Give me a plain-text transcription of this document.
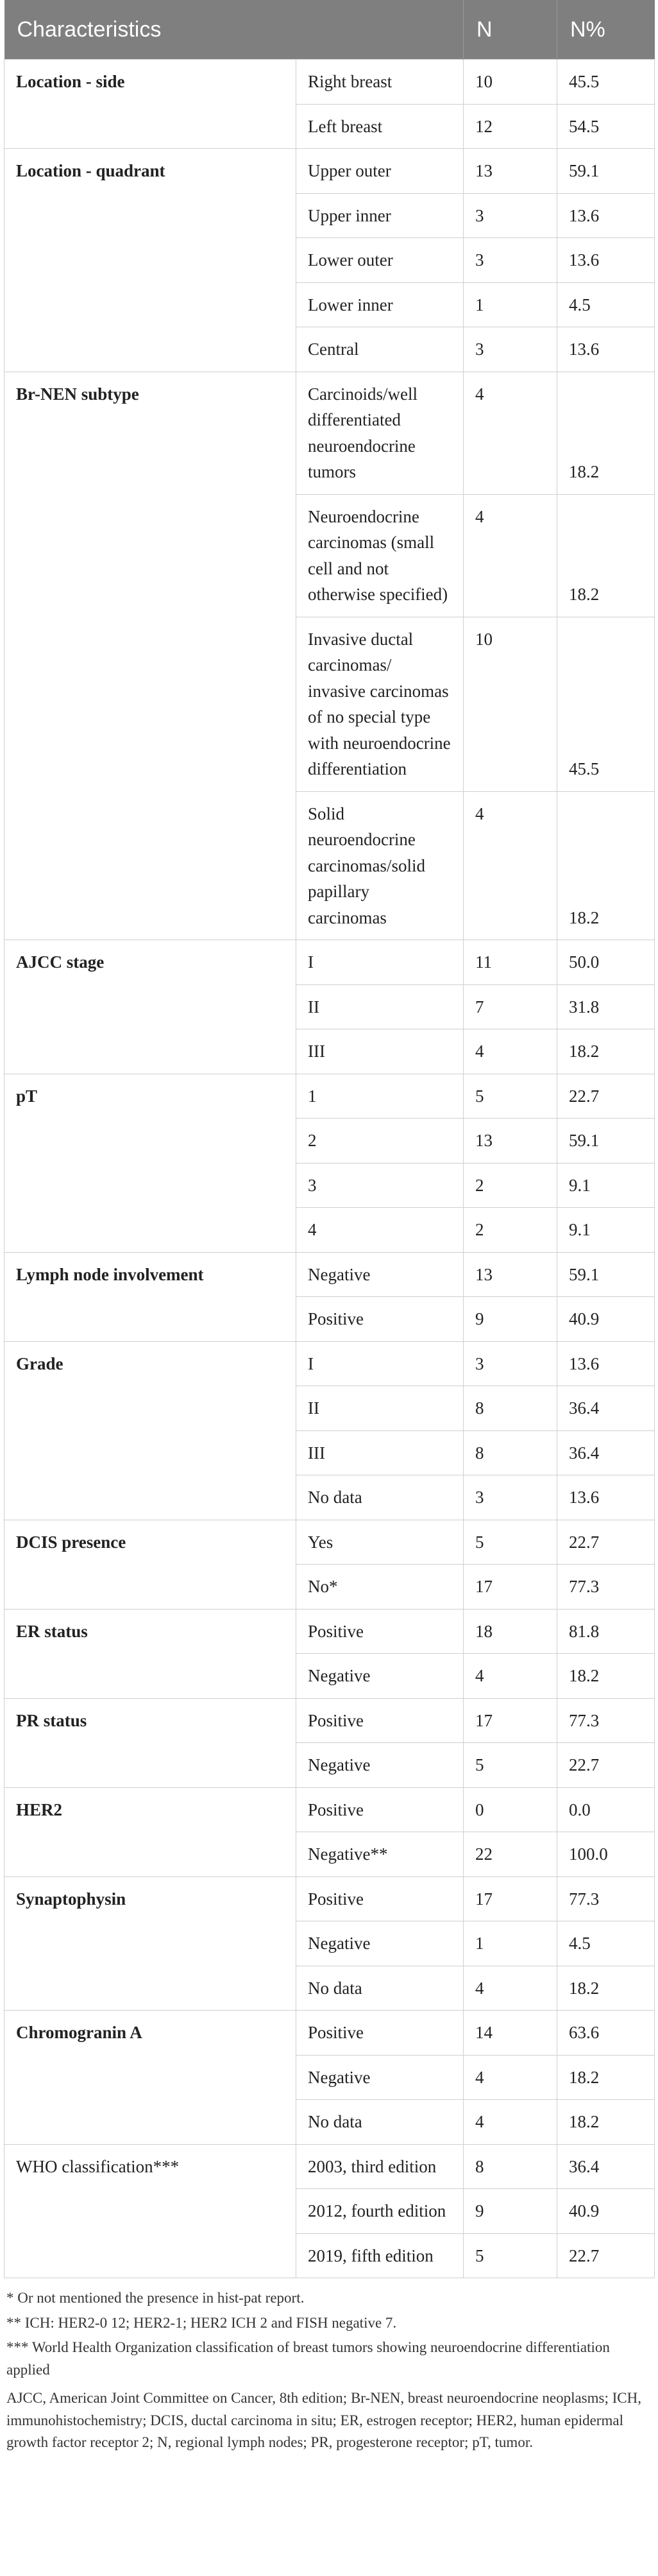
Characteristics		N	N%
Location - side	Right breast	10	45.5
	Left breast	12	54.5
Location - quadrant	Upper outer	13	59.1
	Upper inner	3	13.6
	Lower outer	3	13.6
	Lower inner	1	4.5
	Central	3	13.6
Br-NEN subtype	Carcinoids/well differentiated neuroendocrine tumors	4	18.2
	Neuroendocrine carcinomas (small cell and not otherwise specified)	4	18.2
	Invasive ductal carcinomas/ invasive carcinomas of no special type with neuroendocrine differentiation	10	45.5
	Solid neuroendocrine carcinomas/solid papillary carcinomas	4	18.2
AJCC stage	I	11	50.0
	II	7	31.8
	III	4	18.2
pT	1	5	22.7
	2	13	59.1
	3	2	9.1
	4	2	9.1
Lymph node involvement	Negative	13	59.1
	Positive	9	40.9
Grade	I	3	13.6
	II	8	36.4
	III	8	36.4
	No data	3	13.6
DCIS presence	Yes	5	22.7
	No*	17	77.3
ER status	Positive	18	81.8
	Negative	4	18.2
PR status	Positive	17	77.3
	Negative	5	22.7
HER2	Positive	0	0.0
	Negative**	22	100.0
Synaptophysin	Positive	17	77.3
	Negative	1	4.5
	No data	4	18.2
Chromogranin A	Positive	14	63.6
	Negative	4	18.2
	No data	4	18.2
WHO classification***	2003, third edition	8	36.4
	2012, fourth edition	9	40.9
	2019, fifth edition	5	22.7

* Or not mentioned the presence in hist-pat report.

** ICH: HER2-0 12; HER2-1; HER2 ICH 2 and FISH negative 7.

*** World Health Organization classification of breast tumors showing neuroendocrine differentiation applied

AJCC, American Joint Committee on Cancer, 8th edition; Br-NEN, breast neuroendocrine neoplasms; ICH, immunohistochemistry; DCIS, ductal carcinoma in situ; ER, estrogen receptor; HER2, human epidermal growth factor receptor 2; N, regional lymph nodes; PR, progesterone receptor; pT, tumor.
